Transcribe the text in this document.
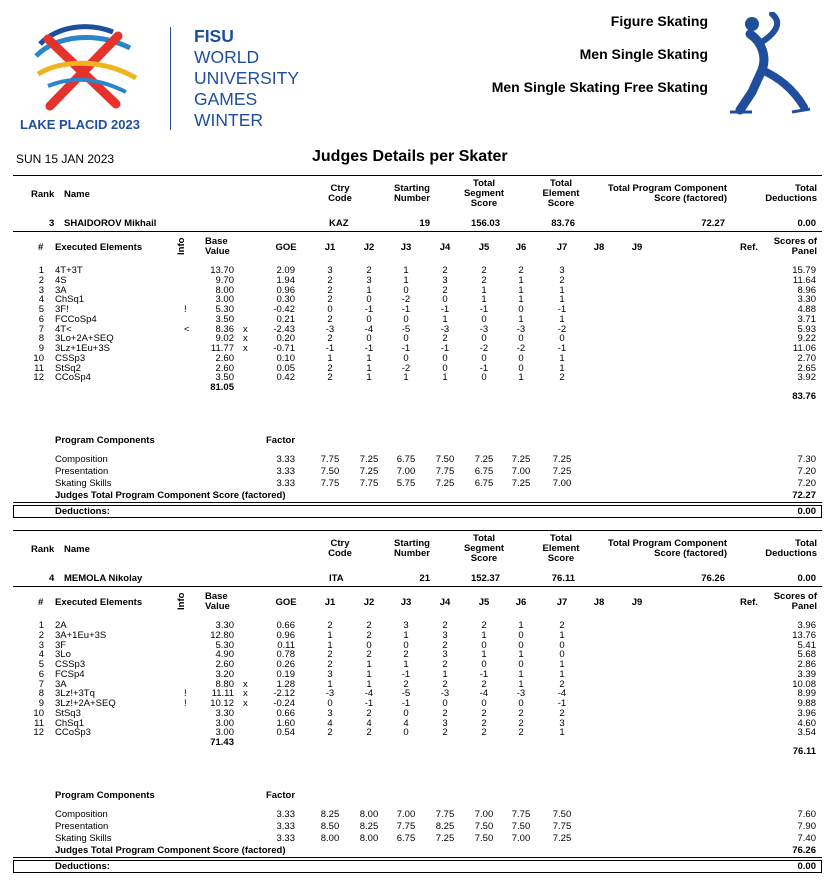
LAKE PLACID 2023
FISU
WORLD
UNIVERSITY
GAMES
WINTER
Figure Skating
Men Single Skating
Men Single Skating Free Skating
SUN 15 JAN 2023	Judges Details per Skater
Rank Name
Ctry
Code
Starting
Number
Total
Segment
Score
Total
Element
Score
Total Program Component
Score (factored)
Total
Deductions
3 SHAIDOROV Mikhail	KAZ	19	156.03	83.76	72.27	0.00
# Executed Elements	Info Base
Value	GOE	J1	J2	J3	J4	J5	J6	J7	J8	J9	Ref.
Scores of
Panel
1 4T+3T	13.70	2.09	3	2	1	2	2	2	3	15.79
2 4S	9.70	1.94	2	3	1	3	2	1	2	11.64
3 3A	8.00	0.96	2	1	0	2	1	1	1	8.96
4 ChSq1	3.00	0.30	2	0	-2	0	1	1	1	3.30
5 3F!	!	5.30	-0.42	0	-1	-1	-1	-1	0	-1	4.88
6 FCCoSp4	3.50	0.21	2	0	0	1	0	1	1	3.71
7 4T<	<	8.36 x	-2.43	-3	-4	-5	-3	-3	-3	-2	5.93
8 3Lo+2A+SEQ	9.02 x	0.20	2	0	0	2	0	0	0	9.22
9 3Lz+1Eu+3S	11.77 x	-0.71	-1	-1	-1	-1	-2	-2	-1	11.06
10 CSSp3	2.60	0.10	1	1	0	0	0	0	1	2.70
11 StSq2	2.60	0.05	2	1	-2	0	-1	0	1	2.65
12 CCoSp4	3.50	0.42	2	1	1	1	0	1	2	3.92
81.05
83.76
Program Components	Factor
Composition	3.33	7.75	7.25	6.75	7.50	7.25	7.25	7.25	7.30
Presentation	3.33	7.50	7.25	7.00	7.75	6.75	7.00	7.25	7.20
Skating Skills	3.33	7.75	7.75	5.75	7.25	6.75	7.25	7.00	7.20
Judges Total Program Component Score (factored)	72.27
Deductions:	0.00
Rank Name
Ctry
Code
Starting
Number
Total
Segment
Score
Total
Element
Score
Total Program Component
Score (factored)
Total
Deductions
4 MEMOLA Nikolay	ITA	21	152.37	76.11	76.26	0.00
# Executed Elements	Info Base
Value	GOE	J1	J2	J3	J4	J5	J6	J7	J8	J9	Ref.
Scores of
Panel
1 2A	3.30	0.66	2	2	3	2	2	1	2	3.96
2 3A+1Eu+3S	12.80	0.96	1	2	1	3	1	0	1	13.76
3 3F	5.30	0.11	1	0	0	2	0	0	0	5.41
4 3Lo	4.90	0.78	2	2	2	3	1	1	0	5.68
5 CSSp3	2.60	0.26	2	1	1	2	0	0	1	2.86
6 FCSp4	3.20	0.19	3	1	-1	1	-1	1	1	3.39
7 3A	8.80 x	1.28	1	1	2	2	2	1	2	10.08
8 3Lz!+3Tq	!	11.11 x	-2.12	-3	-4	-5	-3	-4	-3	-4	8.99
9 3Lz!+2A+SEQ	!	10.12 x	-0.24	0	-1	-1	0	0	0	-1	9.88
10 StSq3	3.30	0.66	3	2	0	2	2	2	2	3.96
11 ChSq1	3.00	1.60	4	4	4	3	2	2	3	4.60
12 CCoSp3	3.00	0.54	2	2	0	2	2	2	1	3.54
71.43
76.11
Program Components	Factor
Composition	3.33	8.25	8.00	7.00	7.75	7.00	7.75	7.50	7.60
Presentation	3.33	8.50	8.25	7.75	8.25	7.50	7.50	7.75	7.90
Skating Skills	3.33	8.00	8.00	6.75	7.25	7.50	7.00	7.25	7.40
Judges Total Program Component Score (factored)	76.26
Deductions:	0.00
